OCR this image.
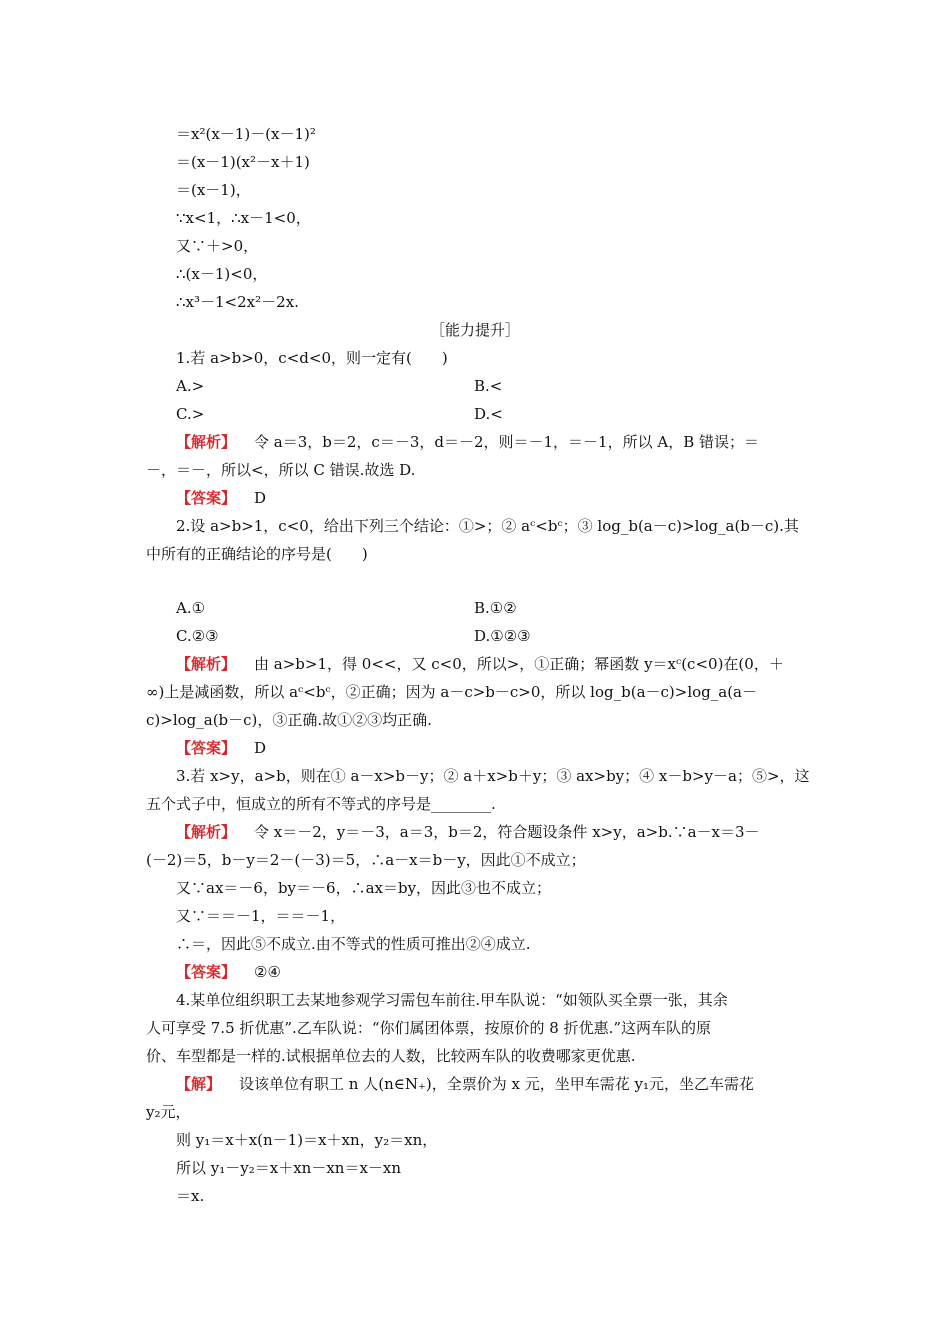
＝x²(x－1)－(x－1)²
＝(x－1)(x²－x＋1)
＝(x－1)，
∵x<1，∴x－1<0，
又∵＋>0，
∴(x－1)<0，
∴x³－1<2x²－2x.
［能力提升］
1.若 a>b>0，c<d<0，则一定有(　　)
A.>	B.<
C.>	D.<
【解析】 令 a＝3，b＝2，c＝－3，d＝－2，则＝－1，＝－1，所以 A，B 错误；＝
－，＝－，所以<，所以 C 错误.故选 D.
【答案】 D
2.设 a>b>1，c<0，给出下列三个结论：①>；② aᶜ<bᶜ；③ log_b(a－c)>log_a(b－c).其
中所有的正确结论的序号是(　　)
A.①	B.①②
C.②③	D.①②③
【解析】 由 a>b>1，得 0<<，又 c<0，所以>，①正确；幂函数 y＝xᶜ(c<0)在(0，＋
∞)上是减函数，所以 aᶜ<bᶜ，②正确；因为 a－c>b－c>0，所以 log_b(a－c)>log_a(a－
c)>log_a(b－c)，③正确.故①②③均正确.
【答案】 D
3.若 x>y，a>b，则在① a－x>b－y；② a＋x>b＋y；③ ax>by；④ x－b>y－a；⑤>，这
五个式子中，恒成立的所有不等式的序号是________.
【解析】 令 x＝－2，y＝－3，a＝3，b＝2，符合题设条件 x>y，a>b.∵a－x＝3－
(－2)＝5，b－y＝2－(－3)＝5，∴a－x＝b－y，因此①不成立；
又∵ax＝－6，by＝－6，∴ax＝by，因此③也不成立；
又∵＝＝－1，＝＝－1，
∴＝，因此⑤不成立.由不等式的性质可推出②④成立.
【答案】 ②④
4.某单位组织职工去某地参观学习需包车前往.甲车队说：“如领队买全票一张，其余
人可享受 7.5 折优惠”.乙车队说：“你们属团体票，按原价的 8 折优惠.”这两车队的原
价、车型都是一样的.试根据单位去的人数，比较两车队的收费哪家更优惠.
【解】 设该单位有职工 n 人(n∈N₊)，全票价为 x 元，坐甲车需花 y₁元，坐乙车需花
y₂元，
则 y₁＝x＋x(n－1)＝x＋xn，y₂＝xn，
所以 y₁－y₂＝x＋xn－xn＝x－xn
＝x.
